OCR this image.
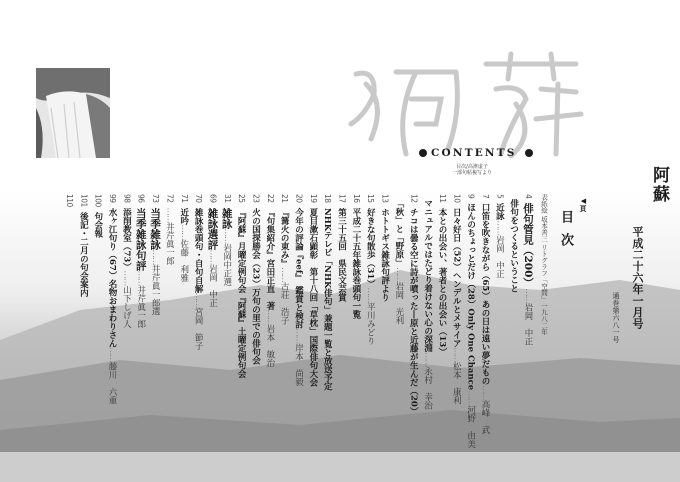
CONTENTS
目次/高濱虚子
一部句帖複写より	阿蘇
平成二十六年一月号
通巻第六八一号
◀頁
目次
表紙絵 坂本善三 リトグラフ「空間」一九八二年
4俳句管見（200）……岩岡　中正
俳句をつくるということ
5近詠……岩岡　中正
7口笛を吹きながら（65）あの日は遠い夢だもの……高峰　武
9ほんのちょっとだけ（28）Only One Chance……河野　由美
10日々好日（52）ヘンデルとメサイア……松本　康利
11本との出会い、著者との出会い（13）
マニュアルではたどり着けない心の深淵……永村　幸治
12チコは曇る空に詩が噴った―原と近藤が生んだ（20）
「秋」と「野原」……岩岡　光利
13ホトトギス雑詠句評より
15好きな句散歩（31）……平川みどり
16平成二十五年雑詠巻頭句一覧
17第三十五回　県民文芸賞
18NHKテレビ「NHK俳句」兼題一覧と放送予定
19夏目漱石顕彰　第十八回「草枕」国際俳句大会
20今年の評論『eef』　鑑賞と検討……岸本　尚毅
21『篝火の東み』……古荘　浩子
22『句集紹介』宮田正直　著……岩本　敏治
23火の国探勝会（23）万句の里での俳句会
25『阿蘇』月曜定例句会『阿蘇』土曜定例句会
31雑詠……岩岡中正選
69雑詠選評……岩岡　中正
70雑詠巻頭句・自句自解……宮岡　節子
71近吟……佐藤　利雅
72……井芹眞一郎
73当季雑詠……井芹眞一郎選
96当季雑詠句評……井芹眞一郎
98添削教室（73）……山下しげ人
99水ヶ江句り（67）名物おまわりさん……藤川　六重
100句会報
101後記・二月の句会案内
110
